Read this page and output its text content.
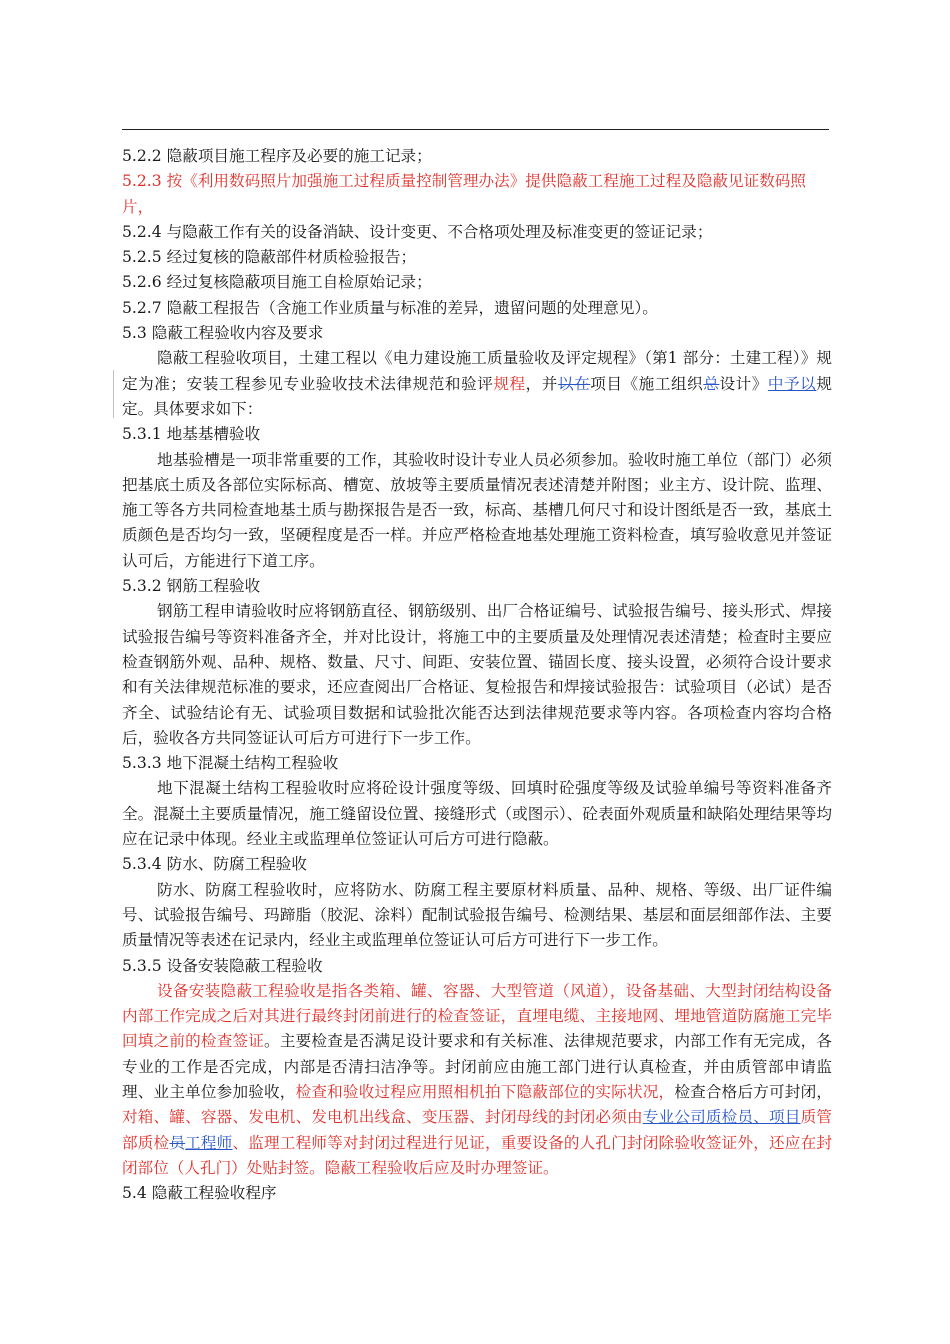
5.2.2 隐蔽项目施工程序及必要的施工记录；

5.2.3 按《利用数码照片加强施工过程质量控制管理办法》提供隐蔽工程施工过程及隐蔽见证数码照片，

5.2.4 与隐蔽工作有关的设备消缺、设计变更、不合格项处理及标准变更的签证记录；

5.2.5 经过复核的隐蔽部件材质检验报告；

5.2.6 经过复核隐蔽项目施工自检原始记录；

5.2.7 隐蔽工程报告（含施工作业质量与标准的差异，遗留问题的处理意见）。

5.3 隐蔽工程验收内容及要求

隐蔽工程验收项目，土建工程以《电力建设施工质量验收及评定规程》（第1 部分：土建工程）》规定为准；安装工程参见专业验收技术法律规范和验评规程，并以在项目《施工组织总设计》中予以规定。具体要求如下：

5.3.1 地基基槽验收

地基验槽是一项非常重要的工作，其验收时设计专业人员必须参加。验收时施工单位（部门）必须把基底土质及各部位实际标高、槽宽、放坡等主要质量情况表述清楚并附图；业主方、设计院、监理、施工等各方共同检查地基土质与勘探报告是否一致，标高、基槽几何尺寸和设计图纸是否一致，基底土质颜色是否均匀一致，坚硬程度是否一样。并应严格检查地基处理施工资料检查，填写验收意见并签证认可后，方能进行下道工序。

5.3.2 钢筋工程验收

钢筋工程申请验收时应将钢筋直径、钢筋级别、出厂合格证编号、试验报告编号、接头形式、焊接试验报告编号等资料准备齐全，并对比设计，将施工中的主要质量及处理情况表述清楚；检查时主要应检查钢筋外观、品种、规格、数量、尺寸、间距、安装位置、锚固长度、接头设置，必须符合设计要求和有关法律规范标准的要求，还应查阅出厂合格证、复检报告和焊接试验报告：试验项目（必试）是否齐全、试验结论有无、试验项目数据和试验批次能否达到法律规范要求等内容。各项检查内容均合格后，验收各方共同签证认可后方可进行下一步工作。

5.3.3 地下混凝土结构工程验收

地下混凝土结构工程验收时应将砼设计强度等级、回填时砼强度等级及试验单编号等资料准备齐全。混凝土主要质量情况，施工缝留设位置、接缝形式（或图示）、砼表面外观质量和缺陷处理结果等均应在记录中体现。经业主或监理单位签证认可后方可进行隐蔽。

5.3.4 防水、防腐工程验收

防水、防腐工程验收时，应将防水、防腐工程主要原材料质量、品种、规格、等级、出厂证件编号、试验报告编号、玛蹄脂（胶泥、涂料）配制试验报告编号、检测结果、基层和面层细部作法、主要质量情况等表述在记录内，经业主或监理单位签证认可后方可进行下一步工作。

5.3.5 设备安装隐蔽工程验收

设备安装隐蔽工程验收是指各类箱、罐、容器、大型管道（风道），设备基础、大型封闭结构设备内部工作完成之后对其进行最终封闭前进行的检查签证，直埋电缆、主接地网、埋地管道防腐施工完毕回填之前的检查签证。主要检查是否满足设计要求和有关标准、法律规范要求，内部工作有无完成，各专业的工作是否完成，内部是否清扫洁净等。封闭前应由施工部门进行认真检查，并由质管部申请监理、业主单位参加验收，检查和验收过程应用照相机拍下隐蔽部位的实际状况，检查合格后方可封闭，对箱、罐、容器、发电机、发电机出线盒、变压器、封闭母线的封闭必须由专业公司质检员、项目质管部质检员工程师、监理工程师等对封闭过程进行见证，重要设备的人孔门封闭除验收签证外，还应在封闭部位（人孔门）处贴封签。隐蔽工程验收后应及时办理签证。

5.4 隐蔽工程验收程序
